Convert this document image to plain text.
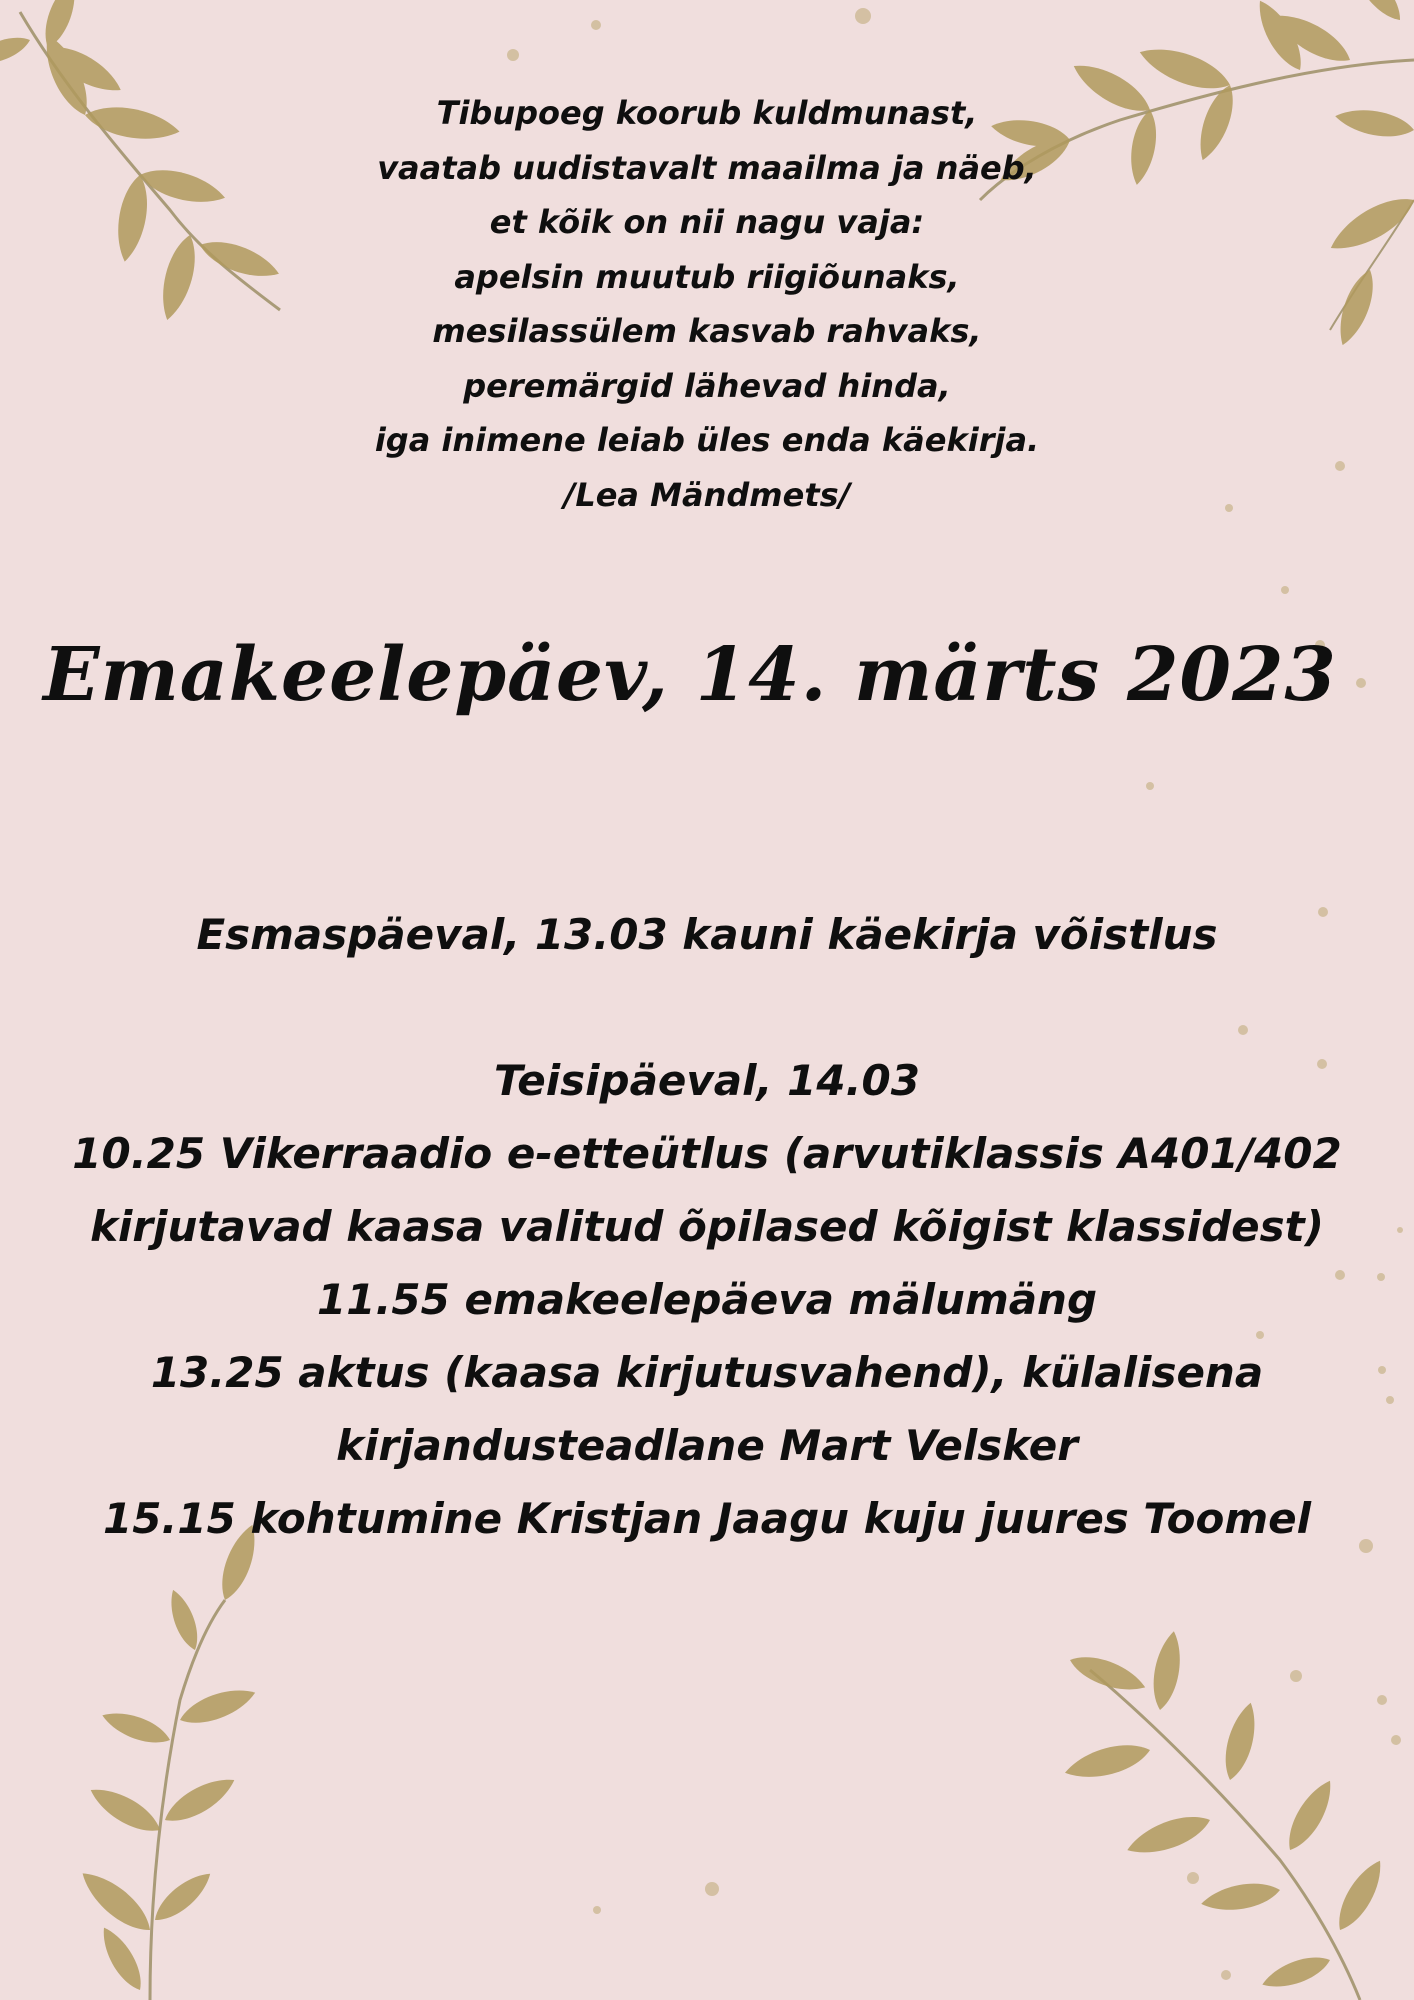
Tibupoeg koorub kuldmunast,
vaatab uudistavalt maailma ja näeb,
et kõik on nii nagu vaja:
apelsin muutub riigiõunaks,
mesilassülem kasvab rahvaks,
peremärgid lähevad hinda,
iga inimene leiab üles enda käekirja.
/Lea Mändmets/
Emakeelepäev, 14. märts 2023
Esmaspäeval, 13.03 kauni käekirja võistlus
Teisipäeval, 14.03
10.25 Vikerraadio e-etteütlus (arvutiklassis A401/402
kirjutavad kaasa valitud õpilased kõigist klassidest)
11.55 emakeelepäeva mälumäng
13.25 aktus (kaasa kirjutusvahend), külalisena
kirjandusteadlane Mart Velsker
15.15 kohtumine Kristjan Jaagu kuju juures Toomel
